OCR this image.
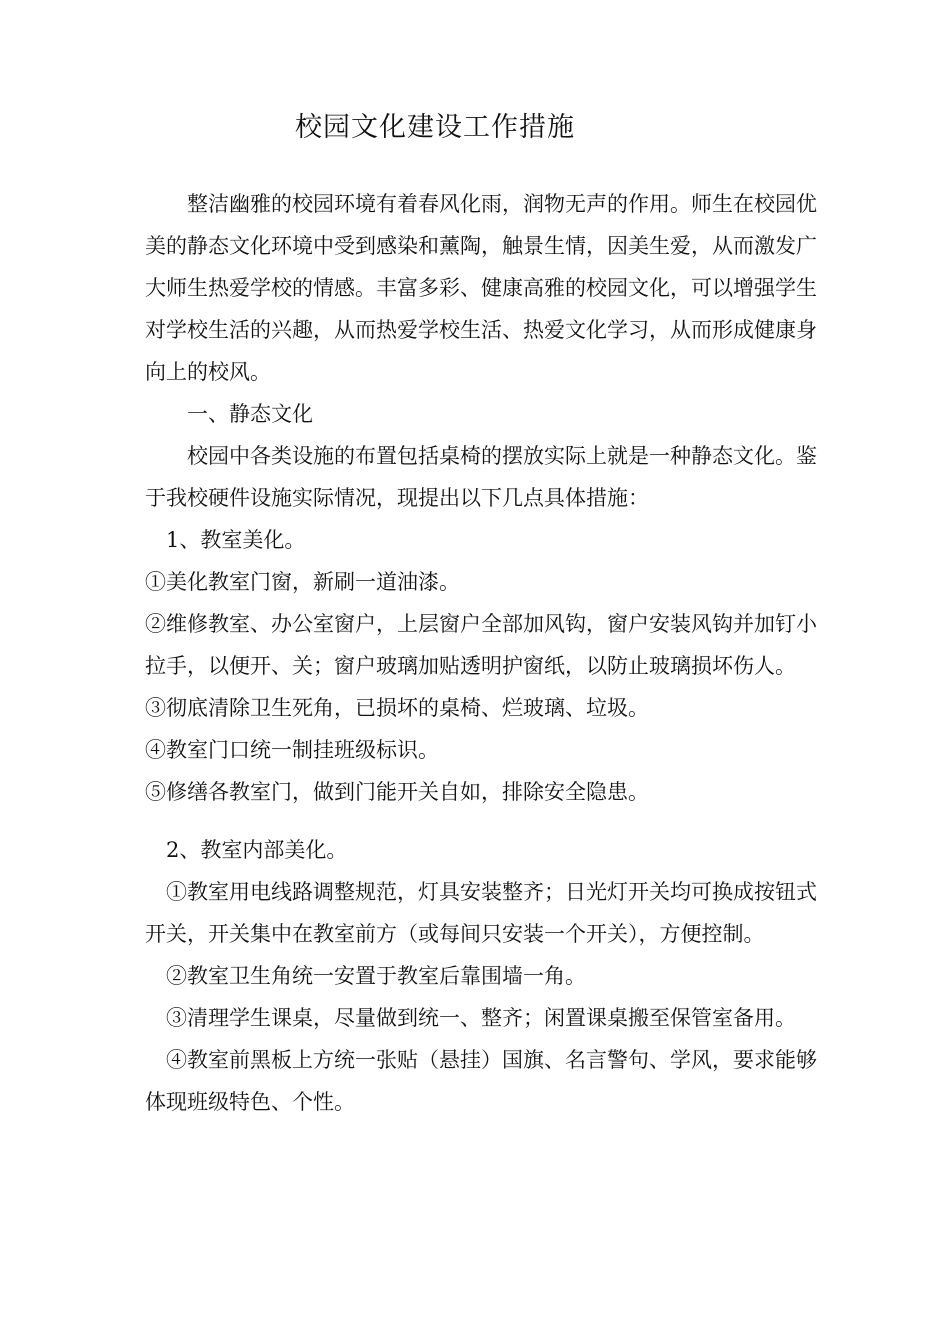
校园文化建设工作措施

整洁幽雅的校园环境有着春风化雨，润物无声的作用。师生在校园优美的静态文化环境中受到感染和薰陶，触景生情，因美生爱，从而激发广大师生热爱学校的情感。丰富多彩、健康高雅的校园文化，可以增强学生对学校生活的兴趣，从而热爱学校生活、热爱文化学习，从而形成健康身向上的校风。

一、静态文化

校园中各类设施的布置包括桌椅的摆放实际上就是一种静态文化。鉴于我校硬件设施实际情况，现提出以下几点具体措施：

1、教室美化。

①美化教室门窗，新刷一道油漆。

②维修教室、办公室窗户，上层窗户全部加风钩，窗户安装风钩并加钉小拉手，以便开、关；窗户玻璃加贴透明护窗纸，以防止玻璃损坏伤人。

③彻底清除卫生死角，已损坏的桌椅、烂玻璃、垃圾。

④教室门口统一制挂班级标识。

⑤修缮各教室门，做到门能开关自如，排除安全隐患。

2、教室内部美化。

①教室用电线路调整规范，灯具安装整齐；日光灯开关均可换成按钮式开关，开关集中在教室前方（或每间只安装一个开关），方便控制。

②教室卫生角统一安置于教室后靠围墙一角。

③清理学生课桌，尽量做到统一、整齐；闲置课桌搬至保管室备用。

④教室前黑板上方统一张贴（悬挂）国旗、名言警句、学风，要求能够体现班级特色、个性。
